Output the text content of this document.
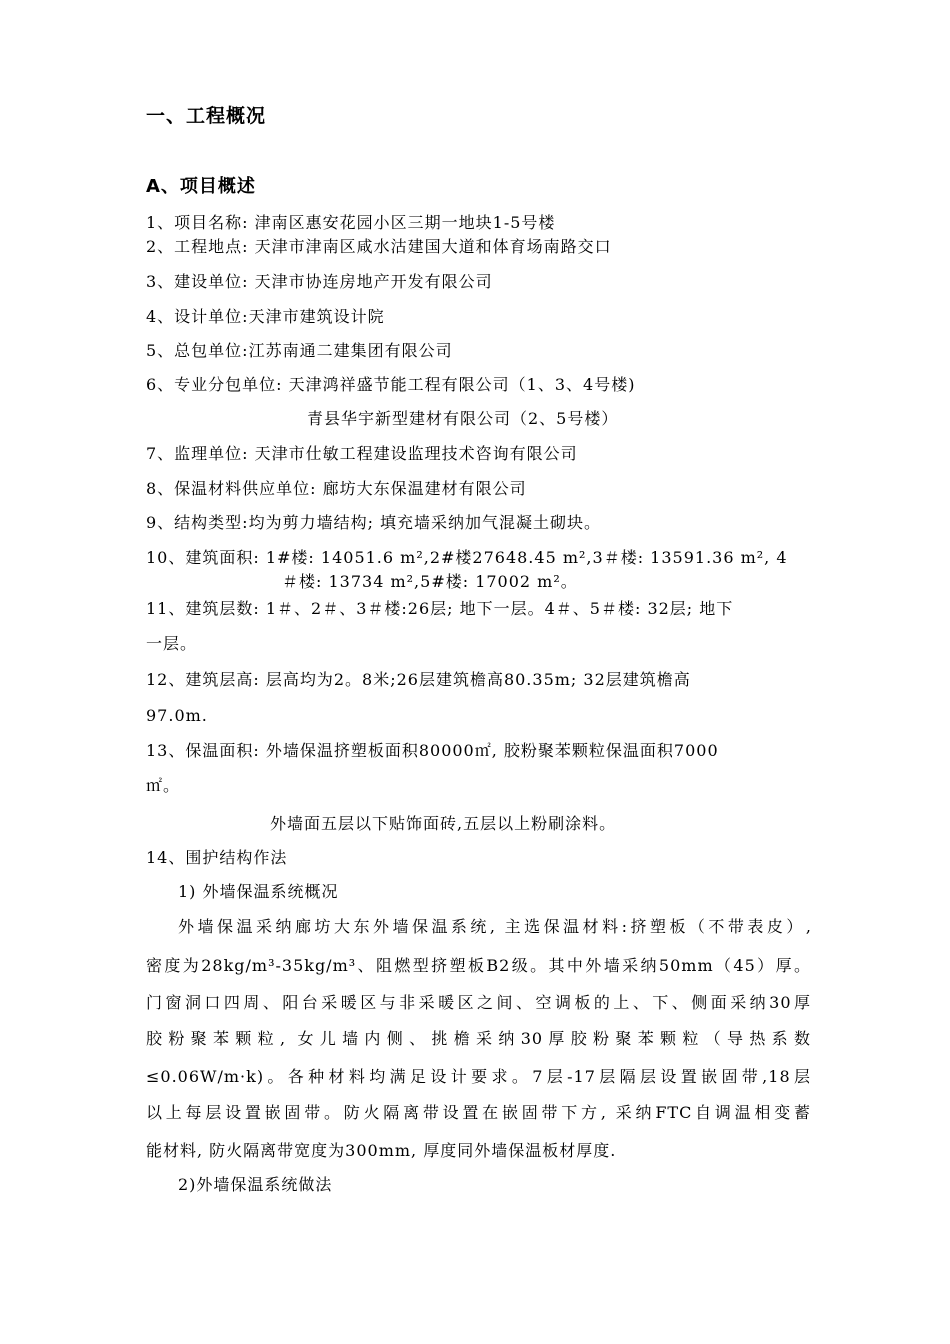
一、工程概况
A、项目概述
1、项目名称: 津南区惠安花园小区三期一地块1-5号楼
2、工程地点: 天津市津南区咸水沽建国大道和体育场南路交口
3、建设单位: 天津市协连房地产开发有限公司
4、设计单位:天津市建筑设计院
5、总包单位:江苏南通二建集团有限公司
6、专业分包单位: 天津鸿祥盛节能工程有限公司（1、3、4号楼)
青县华宇新型建材有限公司（2、5号楼）
7、监理单位: 天津市仕敏工程建设监理技术咨询有限公司
8、保温材料供应单位: 廊坊大东保温建材有限公司
9、结构类型:均为剪力墙结构; 填充墙采纳加气混凝土砌块。
10、建筑面积: 1#楼: 14051.6 m²,2#楼27648.45 m²,3＃楼: 13591.36 m², 4
＃楼: 13734 m²,5#楼: 17002 m²。
11、建筑层数: 1＃、2＃、3＃楼:26层; 地下一层。4＃、5＃楼: 32层; 地下
一层。
12、建筑层高: 层高均为2。8米;26层建筑檐高80.35m; 32层建筑檐高
97.0m.
13、保温面积: 外墙保温挤塑板面积80000㎡, 胶粉聚苯颗粒保温面积7000
㎡。
外墙面五层以下贴饰面砖,五层以上粉刷涂料。
14、围护结构作法
1) 外墙保温系统概况
外墙保温采纳廊坊大东外墙保温系统, 主选保温材料:挤塑板（不带表皮）,
密度为28kg/m³-35kg/m³、阻燃型挤塑板B2级。其中外墙采纳50mm（45）厚。
门窗洞口四周、阳台采暖区与非采暖区之间、空调板的上、下、侧面采纳30厚
胶粉聚苯颗粒, 女儿墙内侧、挑檐采纳30厚胶粉聚苯颗粒（导热系数
≤0.06W/m·k)。各种材料均满足设计要求。7层-17层隔层设置嵌固带,18层
以上每层设置嵌固带。防火隔离带设置在嵌固带下方, 采纳FTC自调温相变蓄
能材料, 防火隔离带宽度为300mm, 厚度同外墙保温板材厚度.
2)外墙保温系统做法
